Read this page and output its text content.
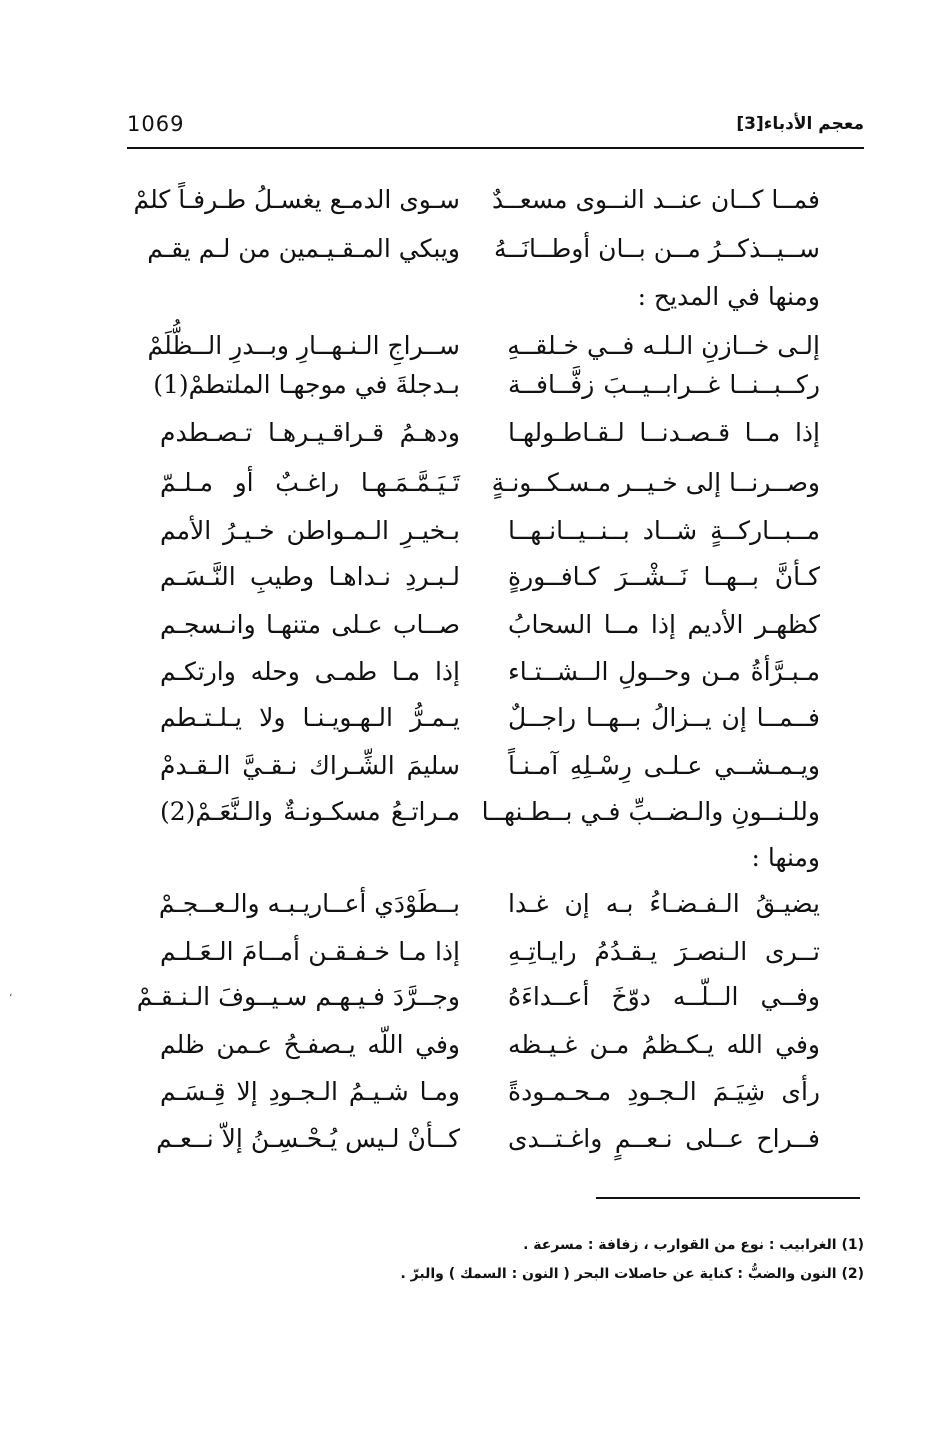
1069	معجم الأدباء[3]
،
فمــا كــان عنــد النــوى مسعــدٌ
سـوى الدمـع يغسـلُ طـرفـاً كلمْ
ســيــذكــرُ مــن بــان أوطــانَــهُ
ويبكي المـقـيـمين من لـم يقـم
ومنها في المديح :
إلـى خــازنِ الـلـه فــي خـلقــهِ
ســراجِ الـنـهــارِ وبــدرِ الــظُّلَمْ
ركــبــنــا غــرابــيــبَ زفَّــافــة
بـدجلةَ في موجهـا الملتطمْ(1)
إذا مــا قـصـدنــا لـقـاطـولهـا
ودهـمُ قـراقـيـرهـا تـصـطدم
وصــرنــا إلى خـيــر مـسـكــونـةٍ
تَـيَـمَّـمَـهـا راغـبٌ أو مـلـمّ
مــبــاركــةٍ شــاد بــنــيــانـهــا
بـخيـرِ الـمـواطن خـيـرُ الأمم
كـأنَّ بــهــا نَــشْــرَ كـافــورةٍ
لـبـردِ نـداهـا وطيبِ النَّـسَـم
كظهـر الأديم إذا مــا السحابُ
صــاب عـلى متنهـا وانـسجـم
مـبـرَّأةُ مـن وحــولِ الــشــتـاء
إذا مـا طمـى وحله وارتكـم
فــمــا إن يــزالُ بــهــا راجــلٌ
يـمـرُّ الـهـويـنـا ولا يـلـتـطم
ويـمـشــي عـلـى رِسْـلِهِ آمـنـاً
سليمَ الشِّـراك نـقـيَّ الـقـدمْ
وللـنــونِ والـضــبِّ فـي بــطـنهــا
مـراتـعُ مسكـونـةٌ والـنَّعَـمْ(2)
ومنها :
يضيـقُ الـفـضـاءُ بـه إن غـدا
بــطَوْدَي أعــاريـبـه والـعــجـمْ
تــرى الـنصـرَ يـقـدُمُ رايـاتِـهِ
إذا مـا خـفـقـن أمــامَ الـعَـلـم
وفــي الــلّــه دوّخَ أعــداءَهُ
وجــرَّدَ فـيـهـم سـيــوفَ الـنـقـمْ
وفي الله يـكـظمُ مـن غـيـظه
وفي اللّه يـصفـحُ عـمن ظلم
رأى شِيَـمَ الـجـودِ مـحـمـودةً
ومـا شـيـمُ الـجـودِ إلا قِـسَـم
فــراح عــلى نـعــمٍ واغـتــدى
كــأنْ لـيس يُـحْـسِـنُ إلاّ نــعـم
(1) الغرابيب : نوع من القوارب ، زفافة : مسرعة .
(2) النون والضبُّ : كناية عن حاصلات البحر ( النون : السمك ) والبرّ .
